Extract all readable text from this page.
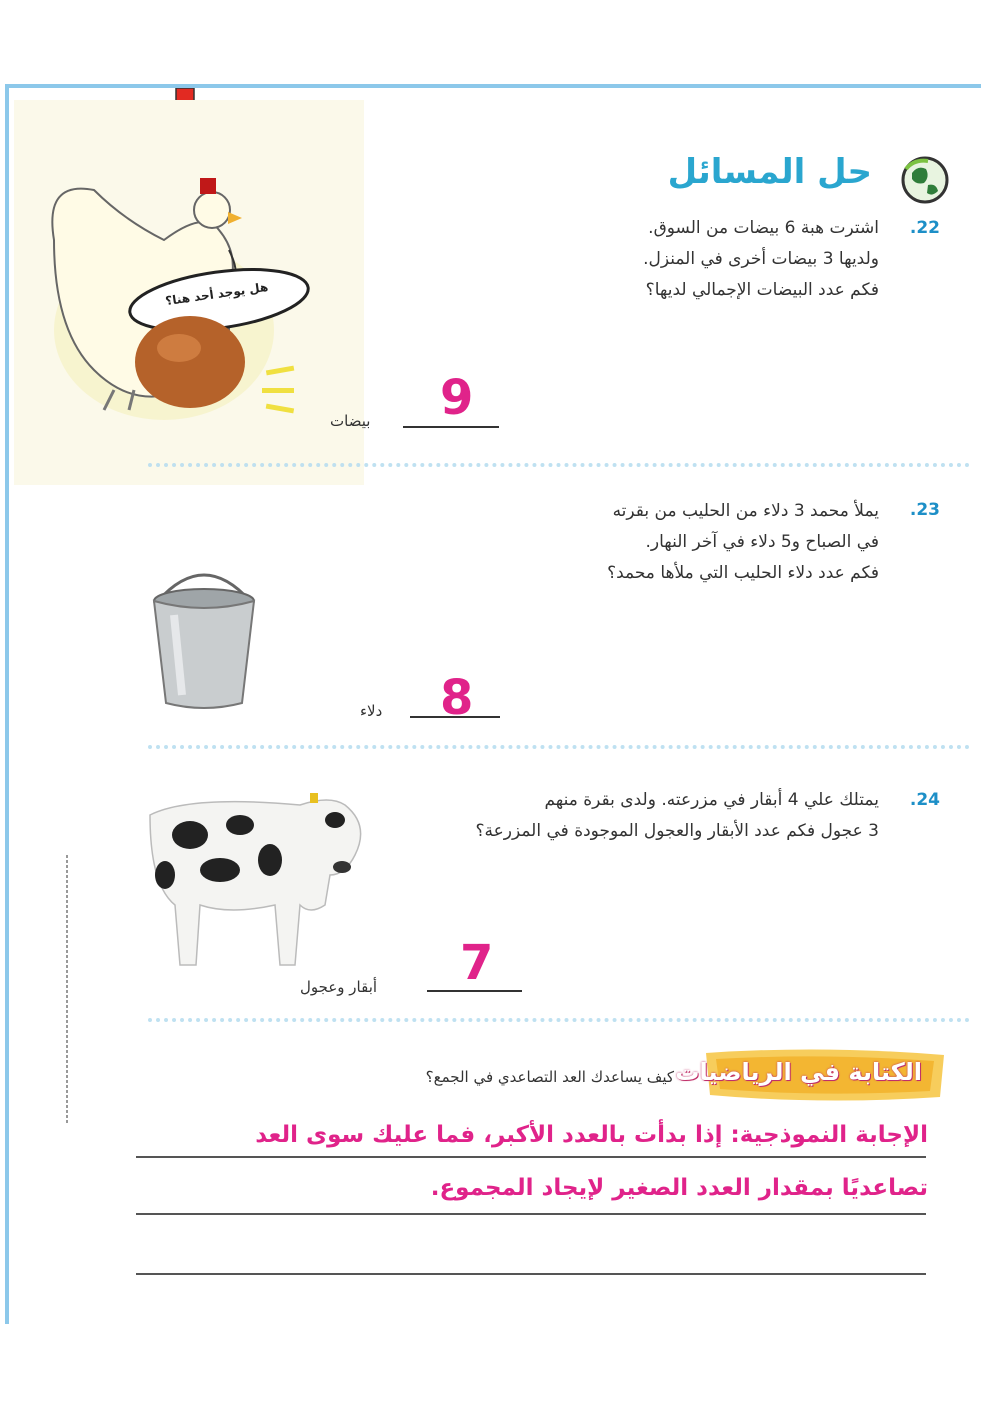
حل المسائل
هل يوجد أحد هنا؟
.22
اشترت هبة 6 بيضات من السوق.
ولديها 3 بيضات أخرى في المنزل.
فكم عدد البيضات الإجمالي لديها؟
9
بيضات
.23
يملأ محمد 3 دلاء من الحليب من بقرته
في الصباح و5 دلاء في آخر النهار.
فكم عدد دلاء الحليب التي ملأها محمد؟
8
دلاء
.24
يمتلك علي 4 أبقار في مزرعته. ولدى بقرة منهم
3 عجول فكم عدد الأبقار والعجول الموجودة في المزرعة؟
7
أبقار وعجول
الكتابة في الرياضيات
كيف يساعدك العد التصاعدي في الجمع؟
الإجابة النموذجية: إذا بدأت بالعدد الأكبر، فما عليك سوى العد
تصاعديًا بمقدار العدد الصغير لإيجاد المجموع.
